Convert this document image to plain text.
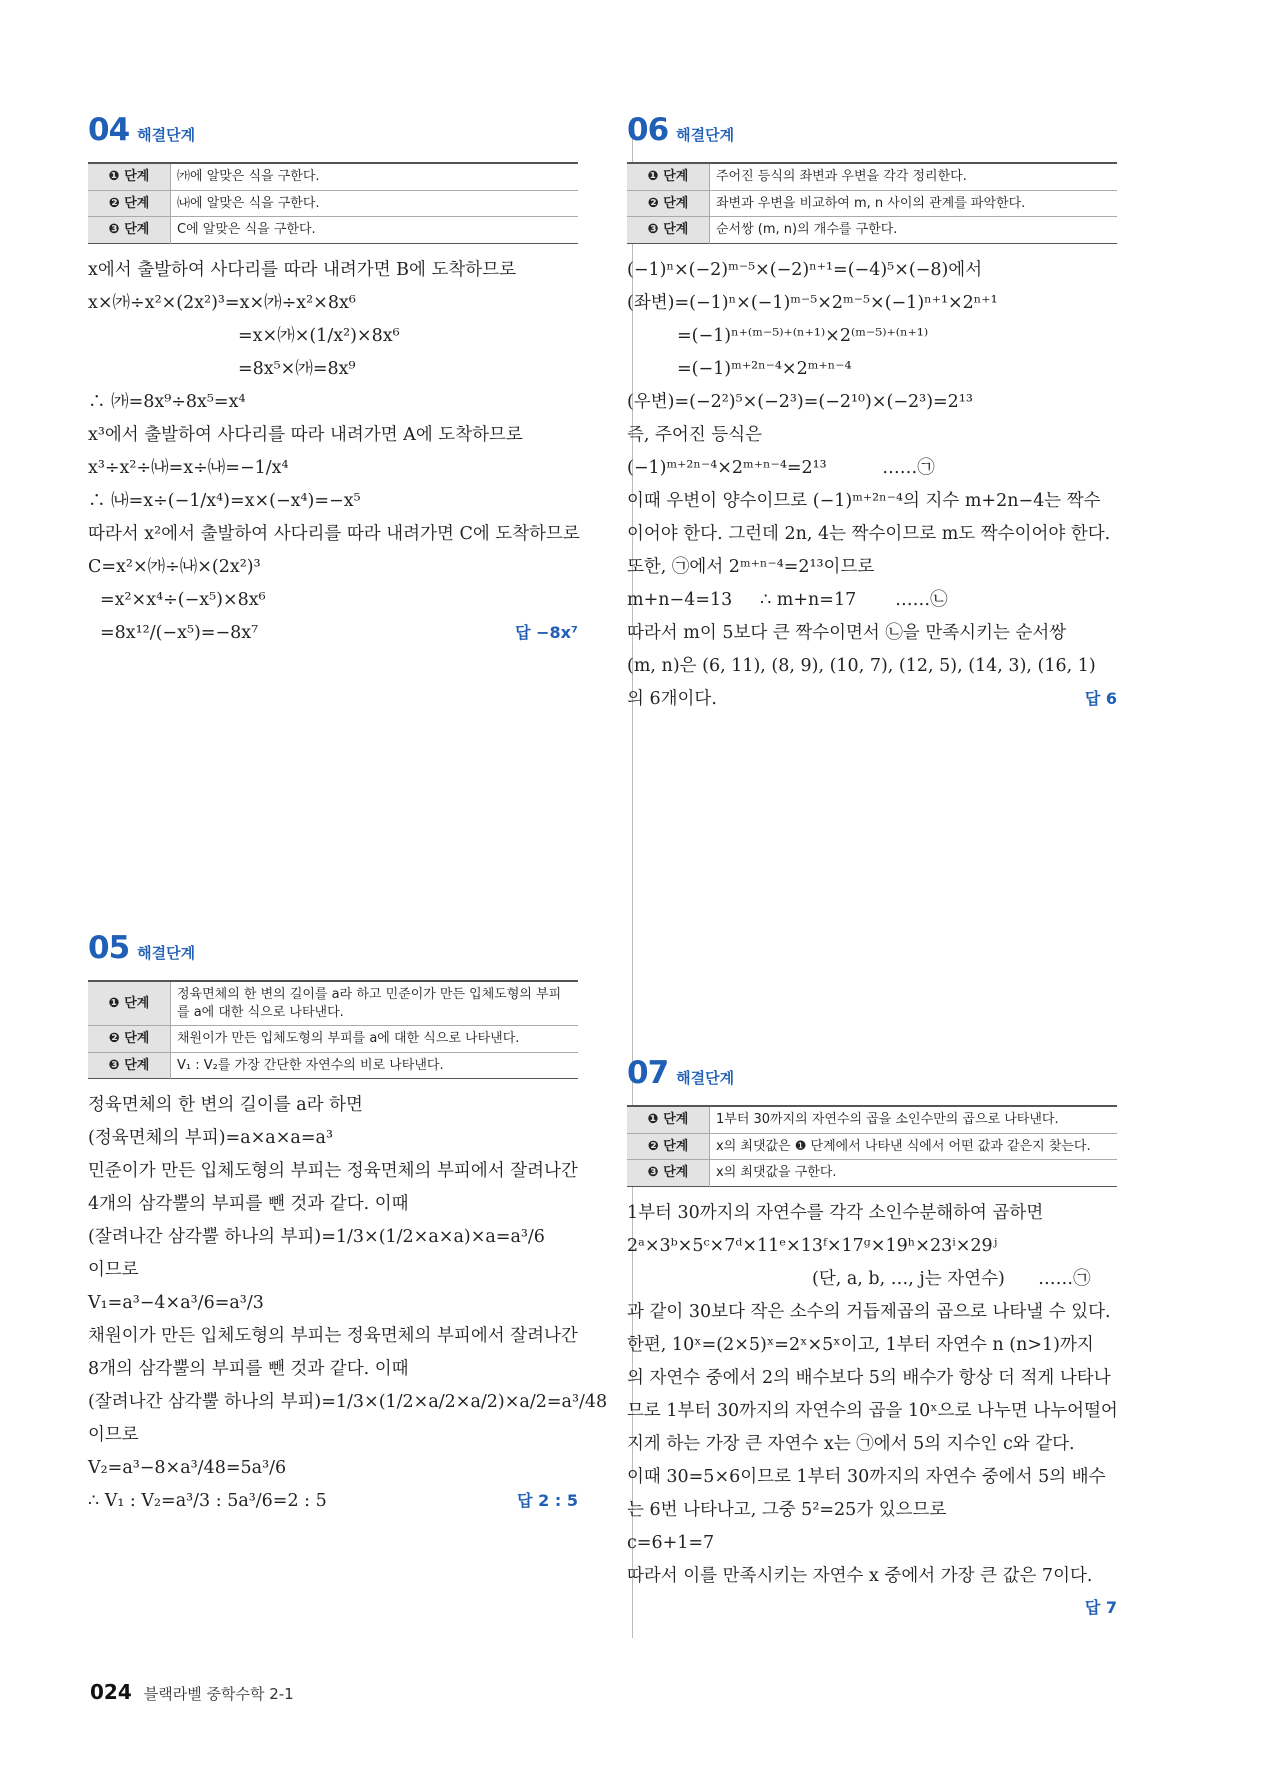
04 해결단계
❶ 단계	㈎에 알맞은 식을 구한다.
❷ 단계	㈏에 알맞은 식을 구한다.
❸ 단계	C에 알맞은 식을 구한다.
x에서 출발하여 사다리를 따라 내려가면 B에 도착하므로
x×㈎÷x²×(2x²)³=x×㈎÷x²×8x⁶
=x×㈎×(1/x²)×8x⁶
=8x⁵×㈎=8x⁹
∴ ㈎=8x⁹÷8x⁵=x⁴
x³에서 출발하여 사다리를 따라 내려가면 A에 도착하므로
x³÷x²÷㈏=x÷㈏=−1/x⁴
∴ ㈏=x÷(−1/x⁴)=x×(−x⁴)=−x⁵
따라서 x²에서 출발하여 사다리를 따라 내려가면 C에 도착하므로
C=x²×㈎÷㈏×(2x²)³
=x²×x⁴÷(−x⁵)×8x⁶
=8x¹²/(−x⁵)=−8x⁷	답 −8x⁷
05 해결단계
❶ 단계	정육면체의 한 변의 길이를 a라 하고 민준이가 만든 입체도형의 부피를 a에 대한 식으로 나타낸다.
❷ 단계	채원이가 만든 입체도형의 부피를 a에 대한 식으로 나타낸다.
❸ 단계	V₁ : V₂를 가장 간단한 자연수의 비로 나타낸다.
정육면체의 한 변의 길이를 a라 하면
(정육면체의 부피)=a×a×a=a³
민준이가 만든 입체도형의 부피는 정육면체의 부피에서 잘려나간
4개의 삼각뿔의 부피를 뺀 것과 같다. 이때
(잘려나간 삼각뿔 하나의 부피)=1/3×(1/2×a×a)×a=a³/6
이므로
V₁=a³−4×a³/6=a³/3
채원이가 만든 입체도형의 부피는 정육면체의 부피에서 잘려나간
8개의 삼각뿔의 부피를 뺀 것과 같다. 이때
(잘려나간 삼각뿔 하나의 부피)=1/3×(1/2×a/2×a/2)×a/2=a³/48
이므로
V₂=a³−8×a³/48=5a³/6
∴ V₁ : V₂=a³/3 : 5a³/6=2 : 5	답 2 : 5
06 해결단계
❶ 단계	주어진 등식의 좌변과 우변을 각각 정리한다.
❷ 단계	좌변과 우변을 비교하여 m, n 사이의 관계를 파악한다.
❸ 단계	순서쌍 (m, n)의 개수를 구한다.
(−1)ⁿ×(−2)ᵐ⁻⁵×(−2)ⁿ⁺¹=(−4)⁵×(−8)에서
(좌변)=(−1)ⁿ×(−1)ᵐ⁻⁵×2ᵐ⁻⁵×(−1)ⁿ⁺¹×2ⁿ⁺¹
=(−1)ⁿ⁺⁽ᵐ⁻⁵⁾⁺⁽ⁿ⁺¹⁾×2⁽ᵐ⁻⁵⁾⁺⁽ⁿ⁺¹⁾
=(−1)ᵐ⁺²ⁿ⁻⁴×2ᵐ⁺ⁿ⁻⁴
(우변)=(−2²)⁵×(−2³)=(−2¹⁰)×(−2³)=2¹³
즉, 주어진 등식은
(−1)ᵐ⁺²ⁿ⁻⁴×2ᵐ⁺ⁿ⁻⁴=2¹³          ……㉠
이때 우변이 양수이므로 (−1)ᵐ⁺²ⁿ⁻⁴의 지수 m+2n−4는 짝수
이어야 한다. 그런데 2n, 4는 짝수이므로 m도 짝수이어야 한다.
또한, ㉠에서 2ᵐ⁺ⁿ⁻⁴=2¹³이므로
m+n−4=13     ∴ m+n=17       ……㉡
따라서 m이 5보다 큰 짝수이면서 ㉡을 만족시키는 순서쌍
(m, n)은 (6, 11), (8, 9), (10, 7), (12, 5), (14, 3), (16, 1)
의 6개이다.	답 6
07 해결단계
❶ 단계	1부터 30까지의 자연수의 곱을 소인수만의 곱으로 나타낸다.
❷ 단계	x의 최댓값은 ❶ 단계에서 나타낸 식에서 어떤 값과 같은지 찾는다.
❸ 단계	x의 최댓값을 구한다.
1부터 30까지의 자연수를 각각 소인수분해하여 곱하면
2ᵃ×3ᵇ×5ᶜ×7ᵈ×11ᵉ×13ᶠ×17ᵍ×19ʰ×23ⁱ×29ʲ
(단, a, b, …, j는 자연수)      ……㉠
과 같이 30보다 작은 소수의 거듭제곱의 곱으로 나타낼 수 있다.
한편, 10ˣ=(2×5)ˣ=2ˣ×5ˣ이고, 1부터 자연수 n (n>1)까지
의 자연수 중에서 2의 배수보다 5의 배수가 항상 더 적게 나타나
므로 1부터 30까지의 자연수의 곱을 10ˣ으로 나누면 나누어떨어
지게 하는 가장 큰 자연수 x는 ㉠에서 5의 지수인 c와 같다.
이때 30=5×6이므로 1부터 30까지의 자연수 중에서 5의 배수
는 6번 나타나고, 그중 5²=25가 있으므로
c=6+1=7
따라서 이를 만족시키는 자연수 x 중에서 가장 큰 값은 7이다.
답 7
024 블랙라벨 중학수학 2-1
